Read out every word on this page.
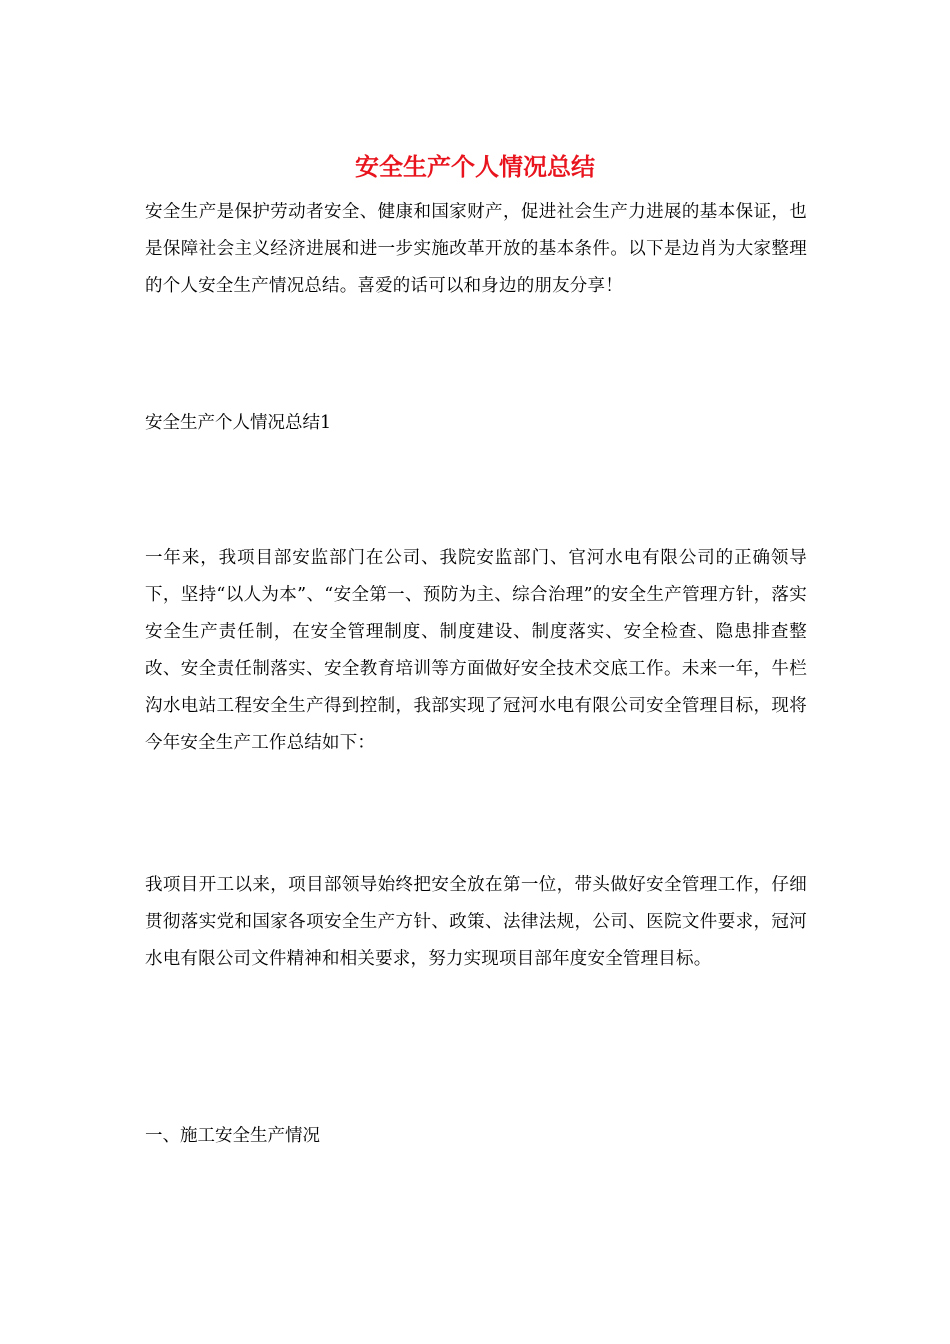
安全生产个人情况总结

安全生产是保护劳动者安全、健康和国家财产，促进社会生产力进展的基本保证，也是保障社会主义经济进展和进一步实施改革开放的基本条件。以下是边肖为大家整理的个人安全生产情况总结。喜爱的话可以和身边的朋友分享！

安全生产个人情况总结1

一年来，我项目部安监部门在公司、我院安监部门、官河水电有限公司的正确领导下，坚持“以人为本”、“安全第一、预防为主、综合治理”的安全生产管理方针，落实安全生产责任制，在安全管理制度、制度建设、制度落实、安全检查、隐患排查整改、安全责任制落实、安全教育培训等方面做好安全技术交底工作。未来一年，牛栏沟水电站工程安全生产得到控制，我部实现了冠河水电有限公司安全管理目标，现将今年安全生产工作总结如下：

我项目开工以来，项目部领导始终把安全放在第一位，带头做好安全管理工作，仔细贯彻落实党和国家各项安全生产方针、政策、法律法规，公司、医院文件要求，冠河水电有限公司文件精神和相关要求，努力实现项目部年度安全管理目标。

一、施工安全生产情况
